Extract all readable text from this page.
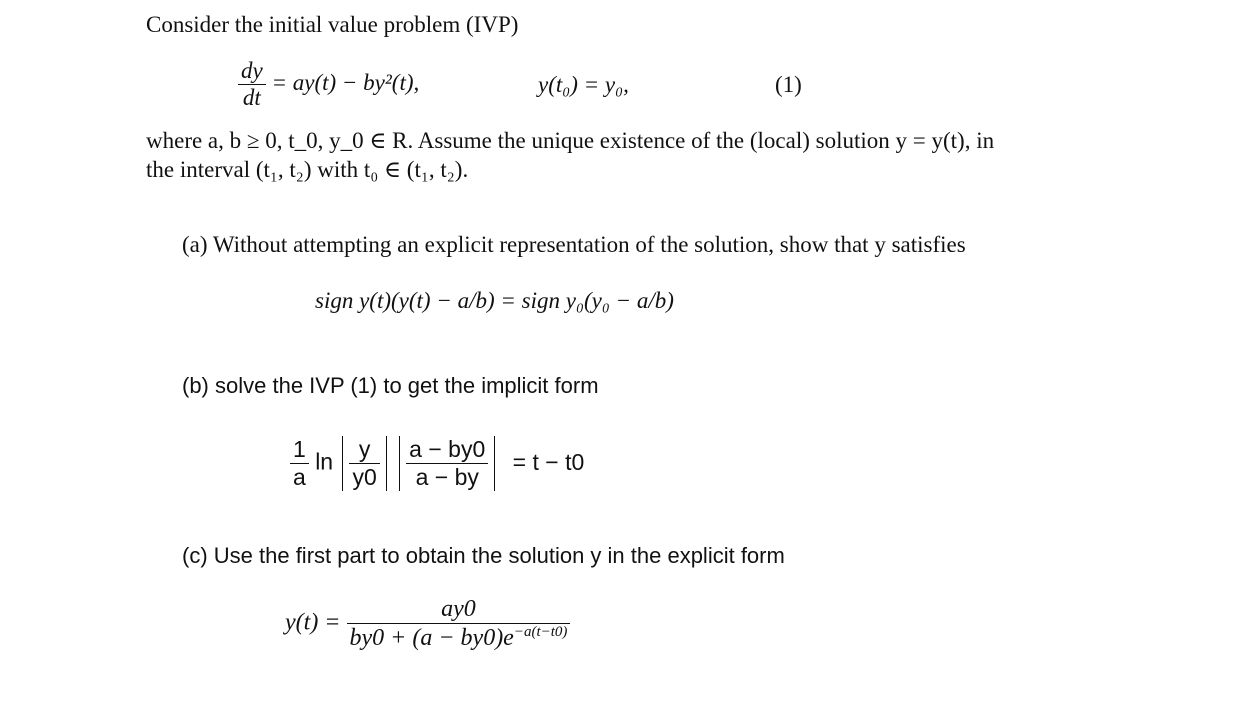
Consider the initial value problem (IVP)
$\frac{dy}{dt} = ay(t) - by^2(t)$,	y(t₀) = y₀,	(1)
where a, b ≥ 0, t_0, y_0 ∈ R. Assume the unique existence of the (local) solution y = y(t), in
the interval (t₁, t₂) with t₀ ∈ (t₁, t₂).
(a) Without attempting an explicit representation of the solution, show that y satisfies
sign y(t)(y(t) − a/b) = sign y₀(y₀ − a/b)
(b) solve the IVP (1) to get the implicit form
$\frac{1}{a}$ $\ln \frac{y}{y0}$
$\frac{a - by0}{a - by} = t - t0$
(c) Use the first part to obtain the solution y in the explicit form
$y(t) = \frac{ay0}{by0 + (a - by0)e^{-a(t-t0)}}$
